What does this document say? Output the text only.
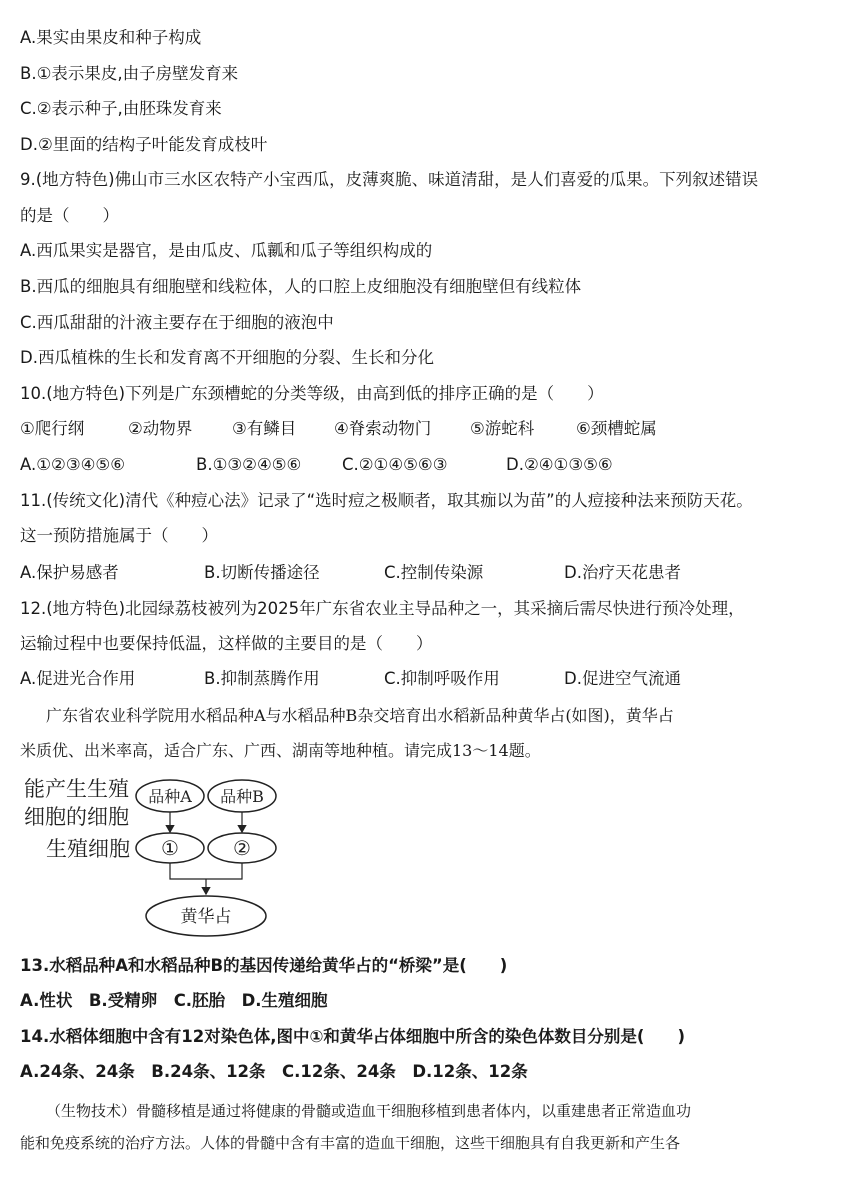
A.果实由果皮和种子构成
B.①表示果皮,由子房壁发育来
C.②表示种子,由胚珠发育来
D.②里面的结构子叶能发育成枝叶
9.(地方特色)佛山市三水区农特产小宝西瓜，皮薄爽脆、味道清甜，是人们喜爱的瓜果。下列叙述错误
的是（　　）
A.西瓜果实是器官，是由瓜皮、瓜瓤和瓜子等组织构成的
B.西瓜的细胞具有细胞壁和线粒体，人的口腔上皮细胞没有细胞壁但有线粒体
C.西瓜甜甜的汁液主要存在于细胞的液泡中
D.西瓜植株的生长和发育离不开细胞的分裂、生长和分化
10.(地方特色)下列是广东颈槽蛇的分类等级，由高到低的排序正确的是（　　）
①爬行纲	②动物界 ③有鳞目 ④脊索动物门 ⑤游蛇科	⑥颈槽蛇属
A.①②③④⑤⑥	B.①③②④⑤⑥ C.②①④⑤⑥③	D.②④①③⑤⑥
11.(传统文化)清代《种痘心法》记录了“选时痘之极顺者，取其痂以为苗”的人痘接种法来预防天花。
这一预防措施属于（　　）
A.保护易感者	B.切断传播途径	C.控制传染源	D.治疗天花患者
12.(地方特色)北园绿荔枝被列为2025年广东省农业主导品种之一，其采摘后需尽快进行预冷处理，
运输过程中也要保持低温，这样做的主要目的是（　　）
A.促进光合作用	B.抑制蒸腾作用	C.抑制呼吸作用	D.促进空气流通
广东省农业科学院用水稻品种A与水稻品种B杂交培育出水稻新品种黄华占(如图)，黄华占
米质优、出米率高，适合广东、广西、湖南等地种植。请完成13～14题。
能产生生殖
细胞的细胞
生殖细胞
品种A 品种B
①	②
黄华占
13.水稻品种A和水稻品种B的基因传递给黄华占的“桥梁”是(　　)
A.性状　B.受精卵　C.胚胎　D.生殖细胞
14.水稻体细胞中含有12对染色体,图中①和黄华占体细胞中所含的染色体数目分别是(　　)
A.24条、24条　B.24条、12条　C.12条、24条　D.12条、12条
（生物技术）骨髓移植是通过将健康的骨髓或造血干细胞移植到患者体内，以重建患者正常造血功
能和免疫系统的治疗方法。人体的骨髓中含有丰富的造血干细胞，这些干细胞具有自我更新和产生各
